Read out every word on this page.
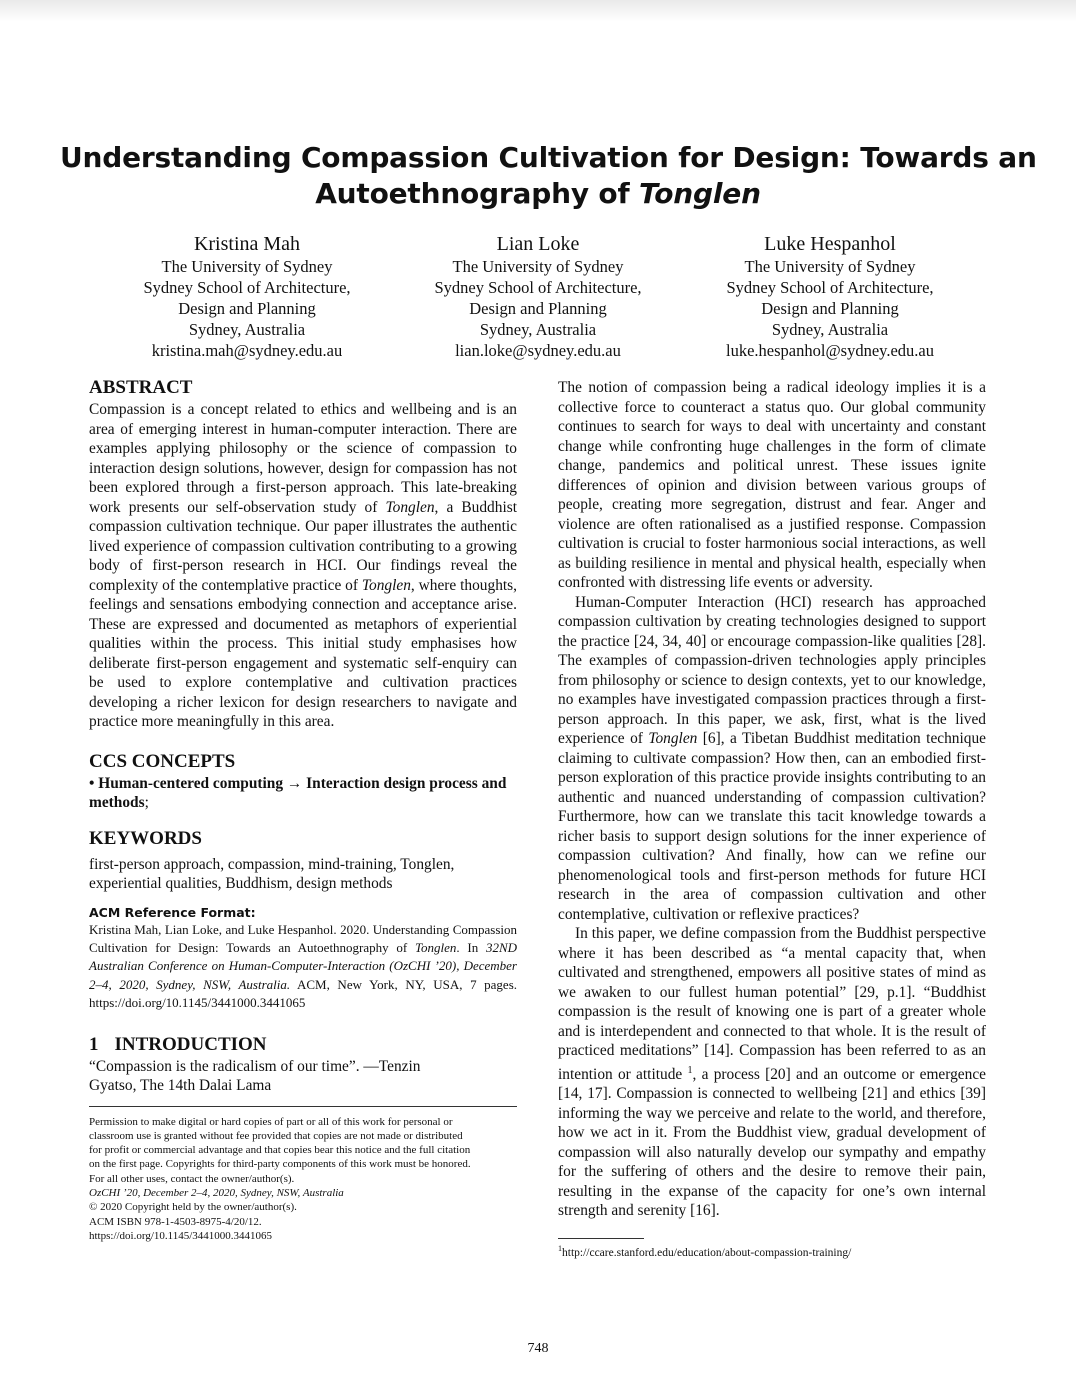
Understanding Compassion Cultivation for Design: Towards an
Autoethnography of Tonglen
Kristina Mah
The University of Sydney
Sydney School of Architecture,
Design and Planning
Sydney, Australia
kristina.mah@sydney.edu.au
Lian Loke
The University of Sydney
Sydney School of Architecture,
Design and Planning
Sydney, Australia
lian.loke@sydney.edu.au
Luke Hespanhol
The University of Sydney
Sydney School of Architecture,
Design and Planning
Sydney, Australia
luke.hespanhol@sydney.edu.au
ABSTRACT

Compassion is a concept related to ethics and wellbeing and is an area of emerging interest in human-computer interaction. There are examples applying philosophy or the science of compassion to interaction design solutions, however, design for compassion has not been explored through a first-person approach. This late-breaking work presents our self-observation study of Tonglen, a Buddhist compassion cultivation technique. Our paper illustrates the authentic lived experience of compassion cultivation contributing to a growing body of first-person research in HCI. Our findings reveal the complexity of the contemplative practice of Tonglen, where thoughts, feelings and sensations embodying connection and acceptance arise. These are expressed and documented as metaphors of experiential qualities within the process. This initial study emphasises how deliberate first-person engagement and systematic self-enquiry can be used to explore contemplative and cultivation practices developing a richer lexicon for design researchers to navigate and practice more meaningfully in this area.

CCS CONCEPTS

• Human-centered computing → Interaction design process and methods;

KEYWORDS

first-person approach, compassion, mind-training, Tonglen, experiential qualities, Buddhism, design methods

ACM Reference Format:

Kristina Mah, Lian Loke, and Luke Hespanhol. 2020. Understanding Compassion Cultivation for Design: Towards an Autoethnography of Tonglen. In 32ND Australian Conference on Human-Computer-Interaction (OzCHI ’20), December 2–4, 2020, Sydney, NSW, Australia. ACM, New York, NY, USA, 7 pages. https://doi.org/10.1145/3441000.3441065

1 INTRODUCTION

“Compassion is the radicalism of our time”. —Tenzin Gyatso, The 14th Dalai Lama

Permission to make digital or hard copies of part or all of this work for personal or
classroom use is granted without fee provided that copies are not made or distributed
for profit or commercial advantage and that copies bear this notice and the full citation
on the first page. Copyrights for third-party components of this work must be honored.
For all other uses, contact the owner/author(s).
OzCHI ’20, December 2–4, 2020, Sydney, NSW, Australia
© 2020 Copyright held by the owner/author(s).
ACM ISBN 978-1-4503-8975-4/20/12.
https://doi.org/10.1145/3441000.3441065

The notion of compassion being a radical ideology implies it is a collective force to counteract a status quo. Our global community continues to search for ways to deal with uncertainty and constant change while confronting huge challenges in the form of climate change, pandemics and political unrest. These issues ignite differences of opinion and division between various groups of people, creating more segregation, distrust and fear. Anger and violence are often rationalised as a justified response. Compassion cultivation is crucial to foster harmonious social interactions, as well as building resilience in mental and physical health, especially when confronted with distressing life events or adversity.

Human-Computer Interaction (HCI) research has approached compassion cultivation by creating technologies designed to support the practice [24, 34, 40] or encourage compassion-like qualities [28]. The examples of compassion-driven technologies apply principles from philosophy or science to design contexts, yet to our knowledge, no examples have investigated compassion practices through a first-person approach. In this paper, we ask, first, what is the lived experience of Tonglen [6], a Tibetan Buddhist meditation technique claiming to cultivate compassion? How then, can an embodied first-person exploration of this practice provide insights contributing to an authentic and nuanced understanding of compassion cultivation? Furthermore, how can we translate this tacit knowledge towards a richer basis to support design solutions for the inner experience of compassion cultivation? And finally, how can we refine our phenomenological tools and first-person methods for future HCI research in the area of compassion cultivation and other contemplative, cultivation or reflexive practices?

In this paper, we define compassion from the Buddhist perspective where it has been described as “a mental capacity that, when cultivated and strengthened, empowers all positive states of mind as we awaken to our fullest human potential” [29, p.1]. “Buddhist compassion is the result of knowing one is part of a greater whole and is interdependent and connected to that whole. It is the result of practiced meditations” [14]. Compassion has been referred to as an intention or attitude $^1$, a process [20] and an outcome or emergence [14, 17]. Compassion is connected to wellbeing [21] and ethics [39] informing the way we perceive and relate to the world, and therefore, how we act in it. From the Buddhist view, gradual development of compassion will also naturally develop our sympathy and empathy for the suffering of others and the desire to remove their pain, resulting in the expanse of the capacity for one’s own internal strength and serenity [16].

$^1$http://ccare.stanford.edu/education/about-compassion-training/
748
